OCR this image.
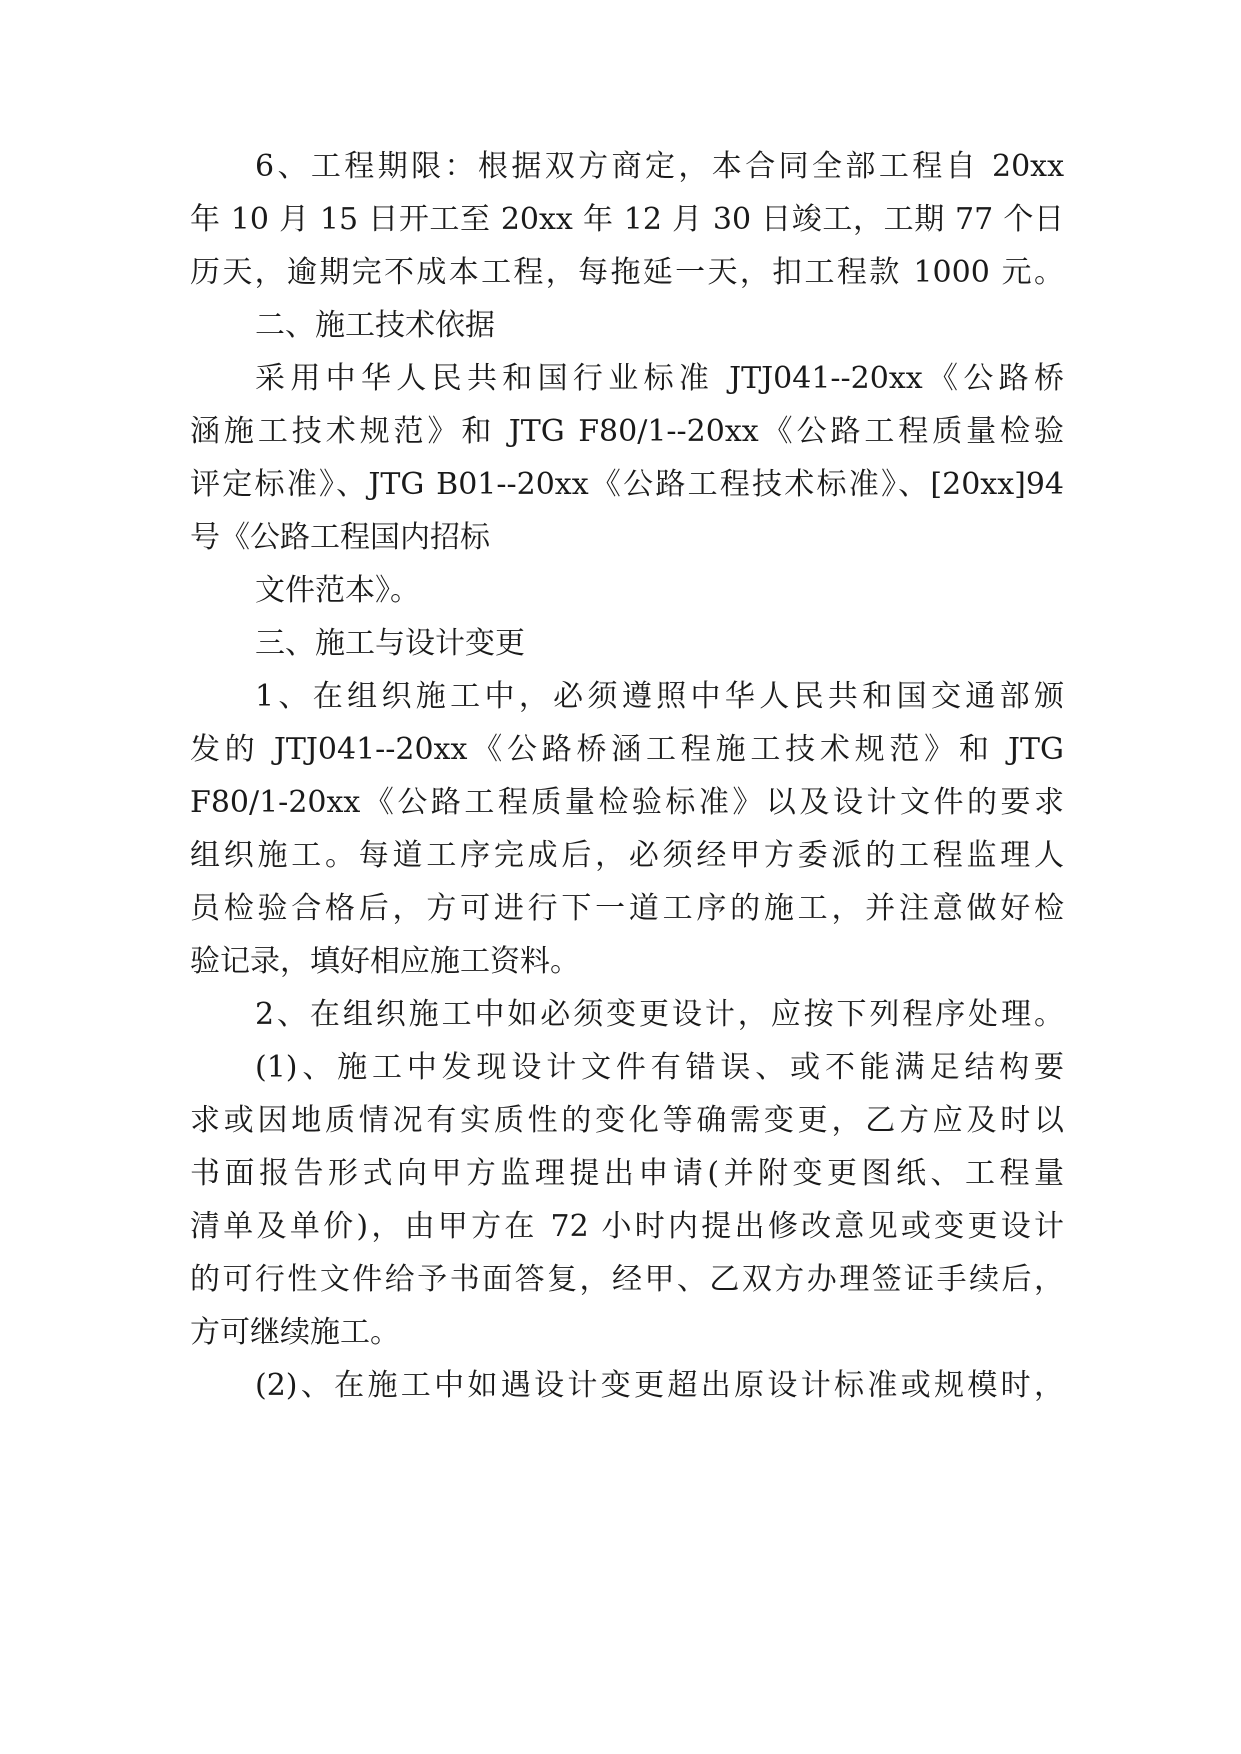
6、工程期限：根据双方商定，本合同全部工程自 20xx
年 10 月 15 日开工至 20xx 年 12 月 30 日竣工，工期 77 个日
历天，逾期完不成本工程，每拖延一天，扣工程款 1000 元。
二、施工技术依据
采用中华人民共和国行业标准 JTJ041--20xx《公路桥
涵施工技术规范》和 JTG F80/1--20xx《公路工程质量检验
评定标准》、JTG B01--20xx《公路工程技术标准》、[20xx]94
号《公路工程国内招标
文件范本》。
三、施工与设计变更
1、在组织施工中，必须遵照中华人民共和国交通部颁
发的 JTJ041--20xx《公路桥涵工程施工技术规范》和 JTG
F80/1-20xx《公路工程质量检验标准》以及设计文件的要求
组织施工。每道工序完成后，必须经甲方委派的工程监理人
员检验合格后，方可进行下一道工序的施工，并注意做好检
验记录，填好相应施工资料。
2、在组织施工中如必须变更设计，应按下列程序处理。
(1)、施工中发现设计文件有错误、或不能满足结构要
求或因地质情况有实质性的变化等确需变更，乙方应及时以
书面报告形式向甲方监理提出申请(并附变更图纸、工程量
清单及单价)，由甲方在 72 小时内提出修改意见或变更设计
的可行性文件给予书面答复，经甲、乙双方办理签证手续后，
方可继续施工。
(2)、在施工中如遇设计变更超出原设计标准或规模时，
